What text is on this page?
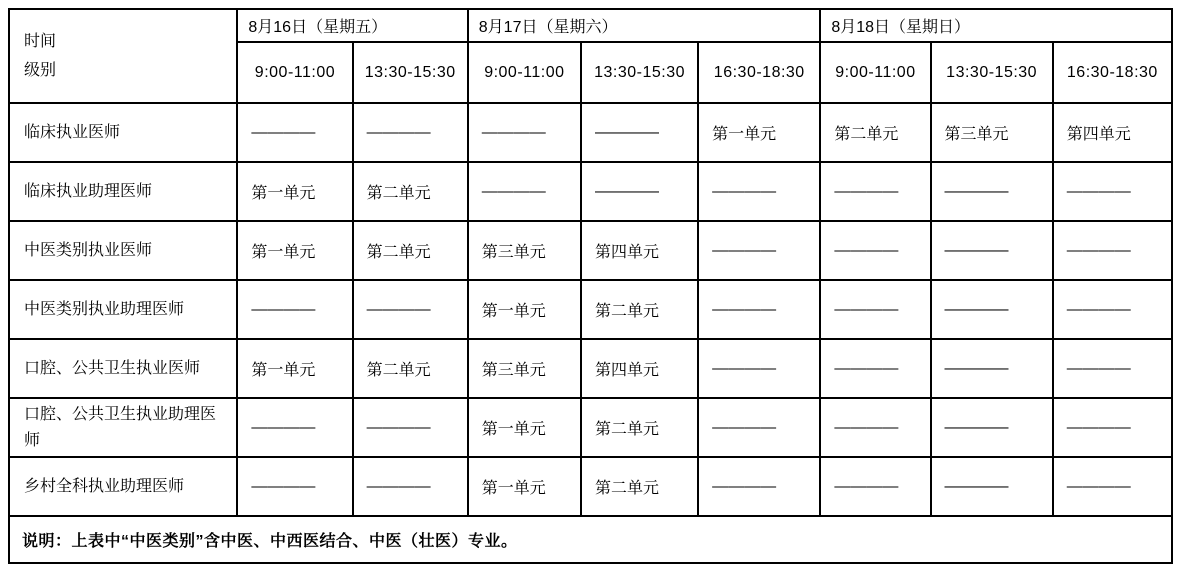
时间
级别	8月16日（星期五）		8月17日（星期六）			8月18日（星期日）		
	9:00-11:00	13:30-15:30	9:00-11:00	13:30-15:30	16:30-18:30	9:00-11:00	13:30-15:30	16:30-18:30
临床执业医师	————	————	————	————	第一单元	第二单元	第三单元	第四单元
临床执业助理医师	第一单元	第二单元	————	————	————	————	————	————
中医类别执业医师	第一单元	第二单元	第三单元	第四单元	————	————	————	————
中医类别执业助理医师	————	————	第一单元	第二单元	————	————	————	————
口腔、公共卫生执业医师	第一单元	第二单元	第三单元	第四单元	————	————	————	————
口腔、公共卫生执业助理医师	————	————	第一单元	第二单元	————	————	————	————
乡村全科执业助理医师	————	————	第一单元	第二单元	————	————	————	————
说明：上表中“中医类别”含中医、中西医结合、中医（壮医）专业。								
